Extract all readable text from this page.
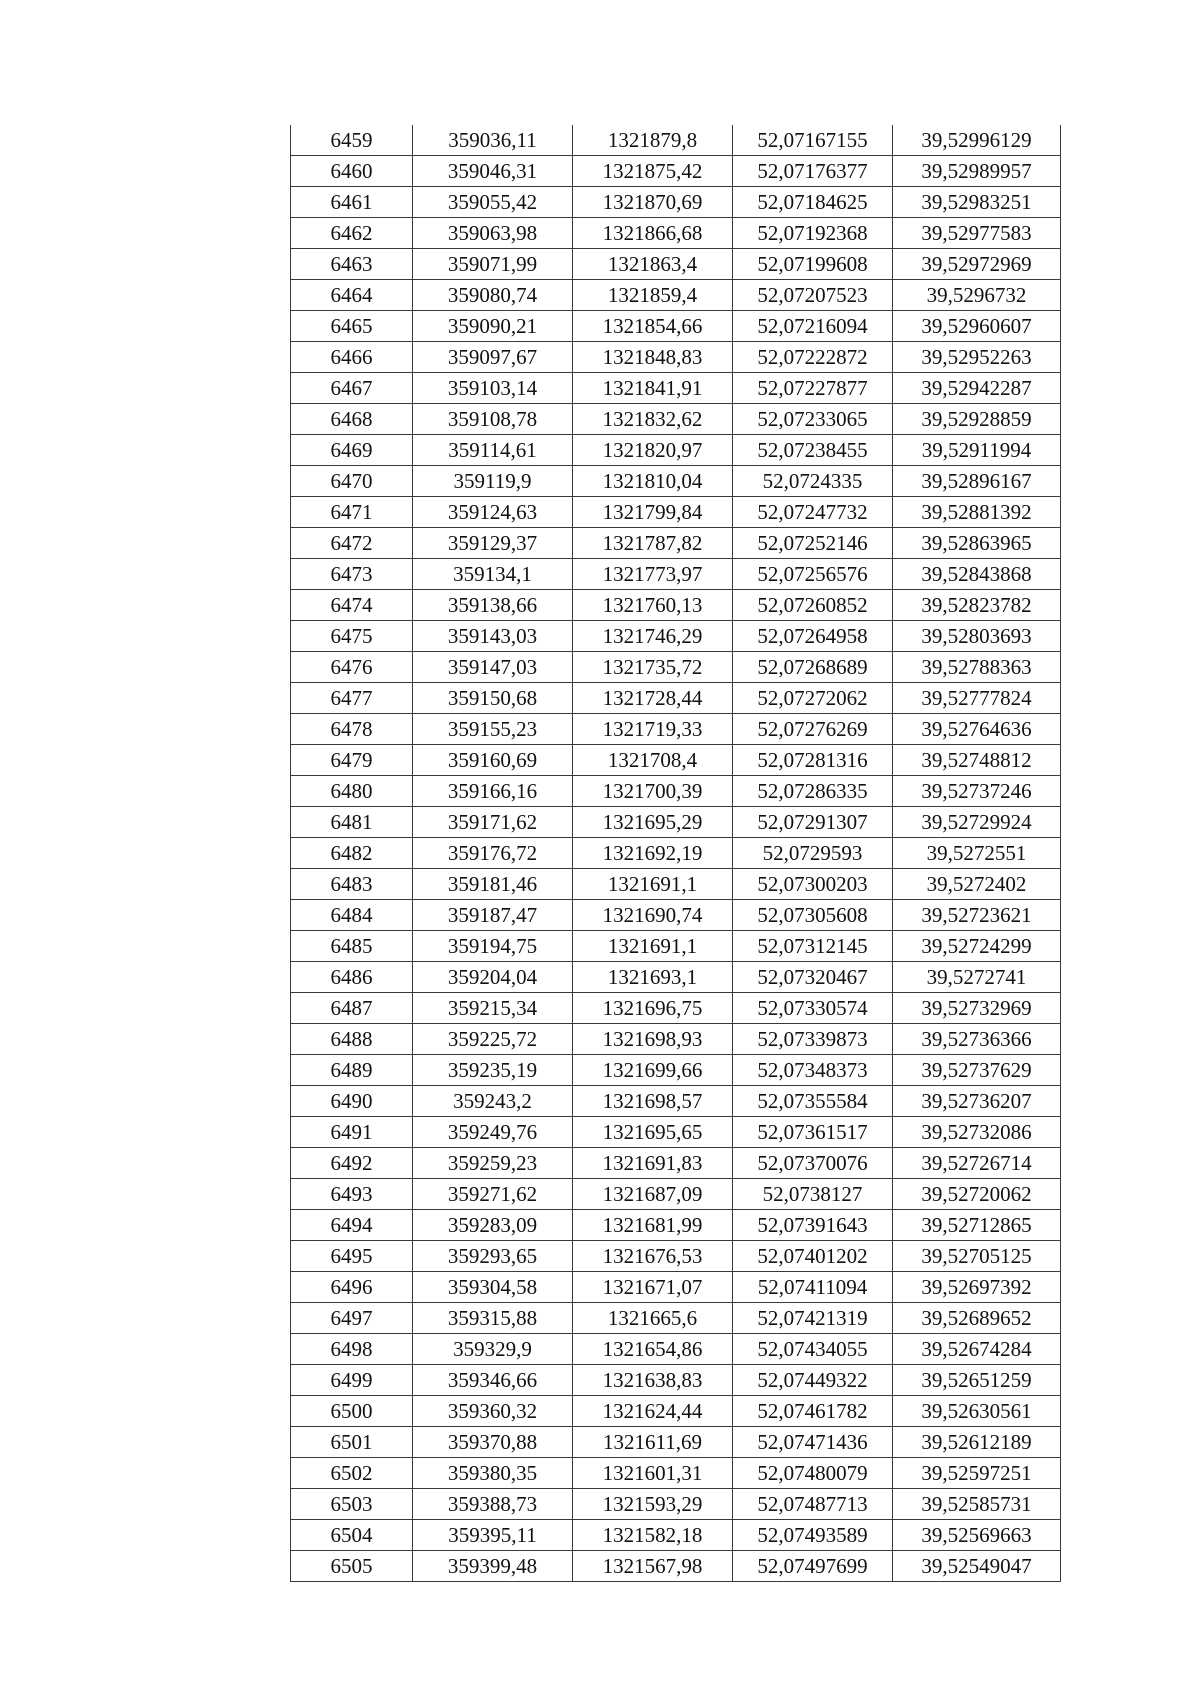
6459	359036,11	1321879,8	52,07167155	39,52996129
6460	359046,31	1321875,42	52,07176377	39,52989957
6461	359055,42	1321870,69	52,07184625	39,52983251
6462	359063,98	1321866,68	52,07192368	39,52977583
6463	359071,99	1321863,4	52,07199608	39,52972969
6464	359080,74	1321859,4	52,07207523	39,5296732
6465	359090,21	1321854,66	52,07216094	39,52960607
6466	359097,67	1321848,83	52,07222872	39,52952263
6467	359103,14	1321841,91	52,07227877	39,52942287
6468	359108,78	1321832,62	52,07233065	39,52928859
6469	359114,61	1321820,97	52,07238455	39,52911994
6470	359119,9	1321810,04	52,0724335	39,52896167
6471	359124,63	1321799,84	52,07247732	39,52881392
6472	359129,37	1321787,82	52,07252146	39,52863965
6473	359134,1	1321773,97	52,07256576	39,52843868
6474	359138,66	1321760,13	52,07260852	39,52823782
6475	359143,03	1321746,29	52,07264958	39,52803693
6476	359147,03	1321735,72	52,07268689	39,52788363
6477	359150,68	1321728,44	52,07272062	39,52777824
6478	359155,23	1321719,33	52,07276269	39,52764636
6479	359160,69	1321708,4	52,07281316	39,52748812
6480	359166,16	1321700,39	52,07286335	39,52737246
6481	359171,62	1321695,29	52,07291307	39,52729924
6482	359176,72	1321692,19	52,0729593	39,5272551
6483	359181,46	1321691,1	52,07300203	39,5272402
6484	359187,47	1321690,74	52,07305608	39,52723621
6485	359194,75	1321691,1	52,07312145	39,52724299
6486	359204,04	1321693,1	52,07320467	39,5272741
6487	359215,34	1321696,75	52,07330574	39,52732969
6488	359225,72	1321698,93	52,07339873	39,52736366
6489	359235,19	1321699,66	52,07348373	39,52737629
6490	359243,2	1321698,57	52,07355584	39,52736207
6491	359249,76	1321695,65	52,07361517	39,52732086
6492	359259,23	1321691,83	52,07370076	39,52726714
6493	359271,62	1321687,09	52,0738127	39,52720062
6494	359283,09	1321681,99	52,07391643	39,52712865
6495	359293,65	1321676,53	52,07401202	39,52705125
6496	359304,58	1321671,07	52,07411094	39,52697392
6497	359315,88	1321665,6	52,07421319	39,52689652
6498	359329,9	1321654,86	52,07434055	39,52674284
6499	359346,66	1321638,83	52,07449322	39,52651259
6500	359360,32	1321624,44	52,07461782	39,52630561
6501	359370,88	1321611,69	52,07471436	39,52612189
6502	359380,35	1321601,31	52,07480079	39,52597251
6503	359388,73	1321593,29	52,07487713	39,52585731
6504	359395,11	1321582,18	52,07493589	39,52569663
6505	359399,48	1321567,98	52,07497699	39,52549047
